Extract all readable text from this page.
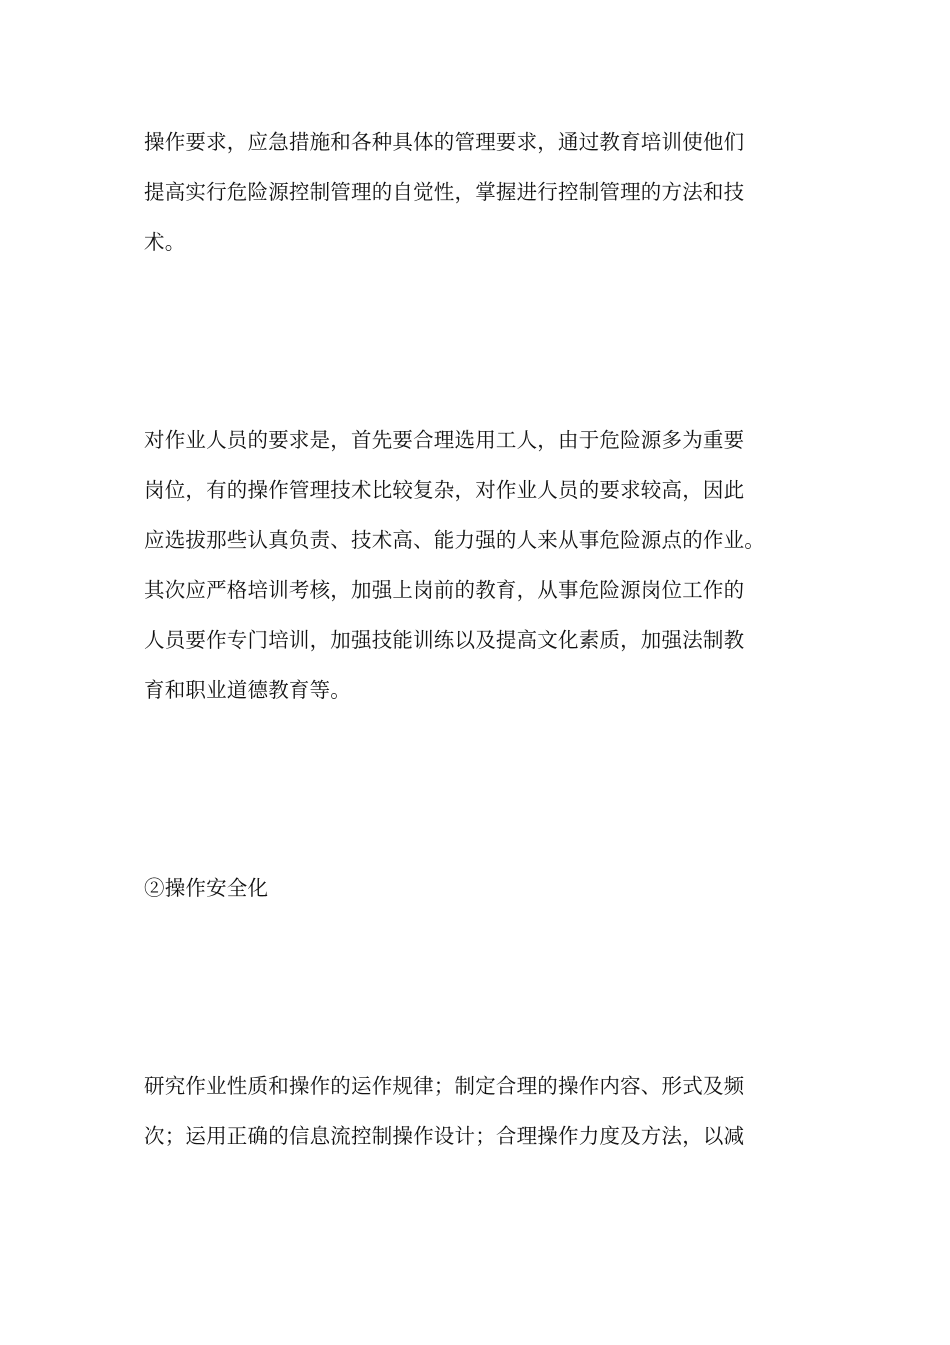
操作要求，应急措施和各种具体的管理要求，通过教育培训使他们
提高实行危险源控制管理的自觉性，掌握进行控制管理的方法和技
术。
对作业人员的要求是，首先要合理选用工人，由于危险源多为重要
岗位，有的操作管理技术比较复杂，对作业人员的要求较高，因此
应选拔那些认真负责、技术高、能力强的人来从事危险源点的作业。
其次应严格培训考核，加强上岗前的教育，从事危险源岗位工作的
人员要作专门培训，加强技能训练以及提高文化素质，加强法制教
育和职业道德教育等。
②操作安全化
研究作业性质和操作的运作规律；制定合理的操作内容、形式及频
次；运用正确的信息流控制操作设计；合理操作力度及方法，以减
